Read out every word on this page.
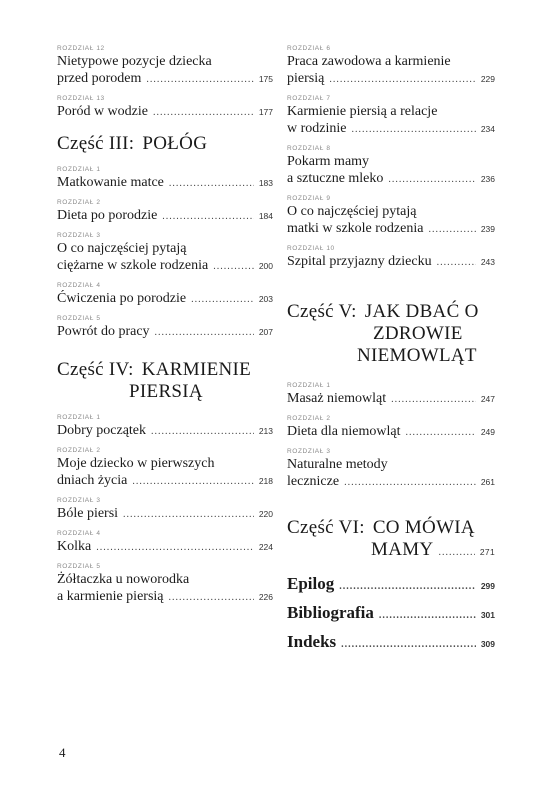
ROZDZIAŁ 12
Nietypowe pozycje dziecka
przed porodem .....	175
ROZDZIAŁ 13
Poród w wodzie .....	177
Część III: POŁÓG
ROZDZIAŁ 1
Matkowanie matce .....	183
ROZDZIAŁ 2
Dieta po porodzie .....	184
ROZDZIAŁ 3
O co najczęściej pytają
ciężarne w szkole rodzenia .....	200
ROZDZIAŁ 4
Ćwiczenia po porodzie .....	203
ROZDZIAŁ 5
Powrót do pracy .....	207
Część IV: KARMIENIE
PIERSIĄ
ROZDZIAŁ 1
Dobry początek .....	213
ROZDZIAŁ 2
Moje dziecko w pierwszych
dniach życia .....	218
ROZDZIAŁ 3
Bóle piersi .....	220
ROZDZIAŁ 4
Kolka .....	224
ROZDZIAŁ 5
Żółtaczka u noworodka
a karmienie piersią .....	226
ROZDZIAŁ 6
Praca zawodowa a karmienie
piersią .....	229
ROZDZIAŁ 7
Karmienie piersią a relacje
w rodzinie .....	234
ROZDZIAŁ 8
Pokarm mamy
a sztuczne mleko .....	236
ROZDZIAŁ 9
O co najczęściej pytają
matki w szkole rodzenia .....	239
ROZDZIAŁ 10
Szpital przyjazny dziecku .....	243
Część V: JAK DBAĆ O
ZDROWIE
NIEMOWLĄT
ROZDZIAŁ 1
Masaż niemowląt .....	247
ROZDZIAŁ 2
Dieta dla niemowląt .....	249
ROZDZIAŁ 3
Naturalne metody
lecznicze .....	261
Część VI: CO MÓWIĄ
MAMY .....	271
Epilog .....	299
Bibliografia .....	301
Indeks .....	309
4
